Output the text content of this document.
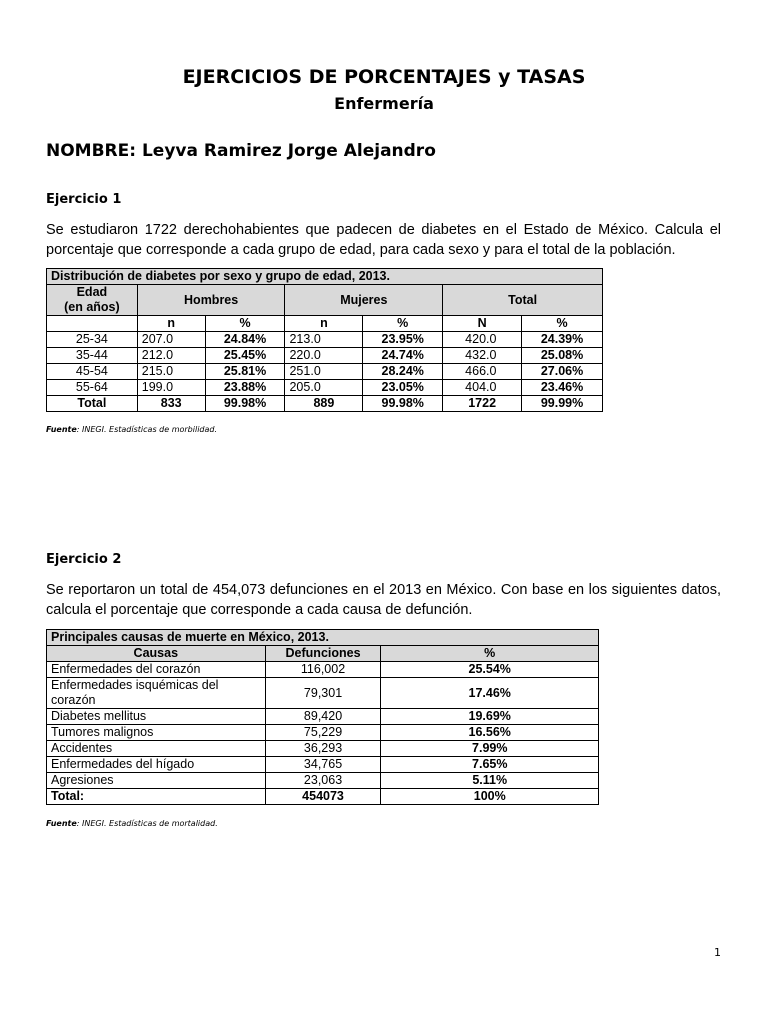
EJERCICIOS DE PORCENTAJES y TASAS
Enfermería
NOMBRE: Leyva Ramirez Jorge Alejandro
Ejercicio 1
Se estudiaron 1722 derechohabientes que padecen de diabetes en el Estado de México. Calcula el porcentaje que corresponde a cada grupo de edad, para cada sexo y para el total de la población.
Distribución de diabetes por sexo y grupo de edad, 2013.						
Edad
(en años)	Hombres		Mujeres		Total	
	n	%	n	%	N	%
25-34	207.0	24.84%	213.0	23.95%	420.0	24.39%
35-44	212.0	25.45%	220.0	24.74%	432.0	25.08%
45-54	215.0	25.81%	251.0	28.24%	466.0	27.06%
55-64	199.0	23.88%	205.0	23.05%	404.0	23.46%
Total	833	99.98%	889	99.98%	1722	99.99%
Fuente: INEGI. Estadísticas de morbilidad.
Ejercicio 2
Se reportaron un total de 454,073 defunciones en el 2013 en México. Con base en los siguientes datos, calcula el porcentaje que corresponde a cada causa de defunción.
Principales causas de muerte en México, 2013.		
Causas	Defunciones	%
Enfermedades del corazón	116,002	25.54%
Enfermedades isquémicas del corazón	79,301	17.46%
Diabetes mellitus	89,420	19.69%
Tumores malignos	75,229	16.56%
Accidentes	36,293	7.99%
Enfermedades del hígado	34,765	7.65%
Agresiones	23,063	5.11%
Total:	454073	100%
Fuente: INEGI. Estadísticas de mortalidad.
1
